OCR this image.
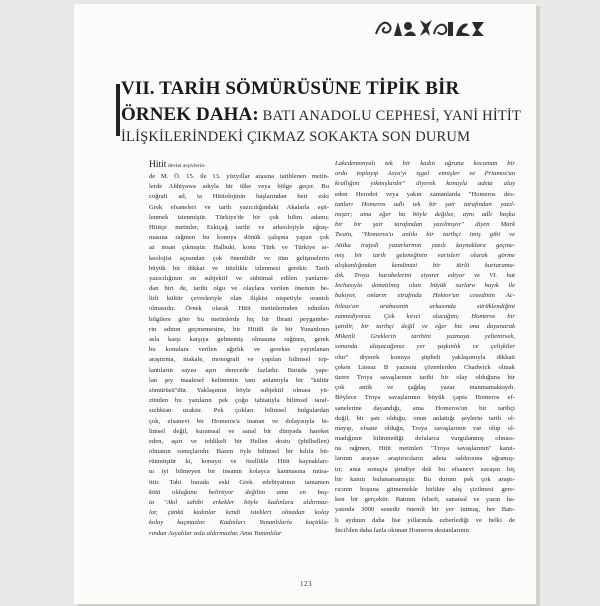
VII. TARİH SÖMÜRÜSÜNE TİPİK BİR
ÖRNEK DAHA: BATI ANADOLU CEPHESİ, YANİ HİTİT
İLİŞKİLERİNDEKİ ÇIKMAZ SOKAKTA SON DURUM

Hitit devlet arşivlerin-

de M. Ö. 15. ile 13. yüzyıllar arasına tarihlenen metin-

lerde Ahhiyawa adıyla bir ülke veya bölge geçer. Bu

coğrafi ad, ta Hititolojinin başlarından beri eski

Grek efsaneleri ve tarih yazıcılığındaki Akalarla eşit-

lenmek istenmiştir. Türkiye'de bir çok bilim adamı;

Hititçe metinler, Eskiçağ tarihi ve arkeolojiyle uğraş-

masına rağmen bu konuya dönük çalışma yapan çok

az insan çıkmıştır. Halbuki, konu Türk ve Türkiye ar-

keolojisi açısından çok önemlidir ve tüm gelişmelerin

büyük bir dikkat ve titizlikle izlenmesi gerekir. Tarih

yazıcılığının en subjektif ve sübtimal edilen yanların-

dan biri de, tarihi olgu ve olaylara verilen önemin be-

lirli kültür çevreleriyle olan ilişkisi nispetiyle orantılı

olmasıdır. Örnek olarak Hitit metinlerinden edinilen

bilgilere göre bu metinlerde hiç bir İbrani peygambe-

rin adının geçmemesine, bir Hititli ile bir Yunanlının

asla karşı karşıya gelmemiş olmasına rağmen, gerek

bu konulara verilen ağırlık ve gerekse yayınlanan

araştırma, makale, monografi ve yapılan bilimsel top-

lantıların sayısı aşırı derecede fazladır. Burada yapı-

lan şey maalesef kelimenin tam anlamıyla bir "kültür

sömürüsü"dür. Yaklaşımın böyle subjektif olması yü-

zünden bu yazıların pek çoğu tabiatıyla bilimsel taraf-

sızlıktan uzaktır. Pek çokları bilimsel bulgulardan

çok, efsanevi bir Homeros'a inanan ve dolayısıyla bi-

limsel değil, kuramsal ve sanal bir dünyada hareket

eden, aşırı ve tehlikeli bir Hellen dostu (philhellen)

olmanın sonuçlarıdır. Bazen öyle bilimsel bir kılıfa bü-

rünmüştür ki, konuyu ve özellikle Hitit kaynakları-

nı iyi bilmeyen bir insanın kolayca kanmasına müsa-

ittir. Tabi burada eski Grek edebiyatının tamamen

kötü olduğunu belirtiyor değilim ama en baş-

ta "Akıl sahibi erkekler böyle kadınlara aldırmaz-

lar, çünkü kadınlar kendi istekleri olmadan kolay

kolay kaçmazlar. Kadınları Yunanlılarla kaçtıkla-

rından Asyalılar asla aldırmazlar. Ama Yunanlılar

Lakedemonyalı tek bir kadın uğruna kocaman bir

ordu toplayıp Asya'yı işgal etmişler ve Priamos'un

krallığını yıkmışlardır" diyerek konuyla adeta alay

eden Herodot veya yakın zamanlarda "Homeros des-

tanları Homeros adlı tek bir şair tarafından yazıl-

mıştır; ama eğer bu böyle değilse, aynı adlı başka

bir bir şair tarafından yazılmıştır" diyen Mark

Twain, "Homeros'u anlıkı bir tarihçi imiş gibi ve

Attika trajedi yazarlarının yazılı kaynaklara geçme-

miş bir tarih geleneğinin varisleri olarak görme

alışkanlığından kendimizi bir türlü kurtarama-

dık. Troya harabelerini ziyaret ediyor ve VI. hat

Iechasıyla donatılmış olan büyük surlara hayık ile

bakıyor, onların etrafında Hektor'un cesedinin Ac-

hileus'un arabasının arkasında sürüklendiğini

zannediyoruz. Çok kırıcı olacağım; Homeros bir

şairdir, bir tarihçi değil ve eğer biz ona dayanarak

Mikenli Greklerin tarihini yazmaya yeltenirsek,

sonunda ulaşacağımız yer şaşkınlık ve çelişkiler

olur" diyerek konuya şüpheli yaklaşımıyla dikkati

çeken Lineaz B yazısını çözenlerden Chadwick olmak

üzere Troya savaşlarının tarihi bir olay olduğuna bir

çok antik ve çağdaş yazar inanmamaktaydı.

Böylece Troya savaşlarının büyük çapta Homeros ef-

sanelerine dayandığı, ama Homeros'un bir tarihçi

değil, bir şair olduğu, onun anlattığı şeylerin tarih ol-

mayıp, efsane olduğu, Troya savaşlarının var olup ol-

madığının bilinmediği defalarca vurgulanmış olması-

na rağmen, Hitit metinleri "Troya savaşlarının" kanıt-

larının arayan araştırıcıların adeta saldırısına uğramış-

tır; ama sonuçta şimdiye dek bu efsanevi savaşın hiç

bir kanıtı bulunamamıştır. Bu durum pek çok araştı-

rıcının hoşuna gitmemekle birlikte alış çizilmesi gere-

ken bir gerçektir. Batının felsefi, sanatsal ve yazın ha-

yatında 3000 senedir önemli bir yer tutmuş, her Batı-

lı aydının daha lise yıllarında ezberlediği ve belki de

İncil'den daha fazla okunan Homeros destanlarının

123
